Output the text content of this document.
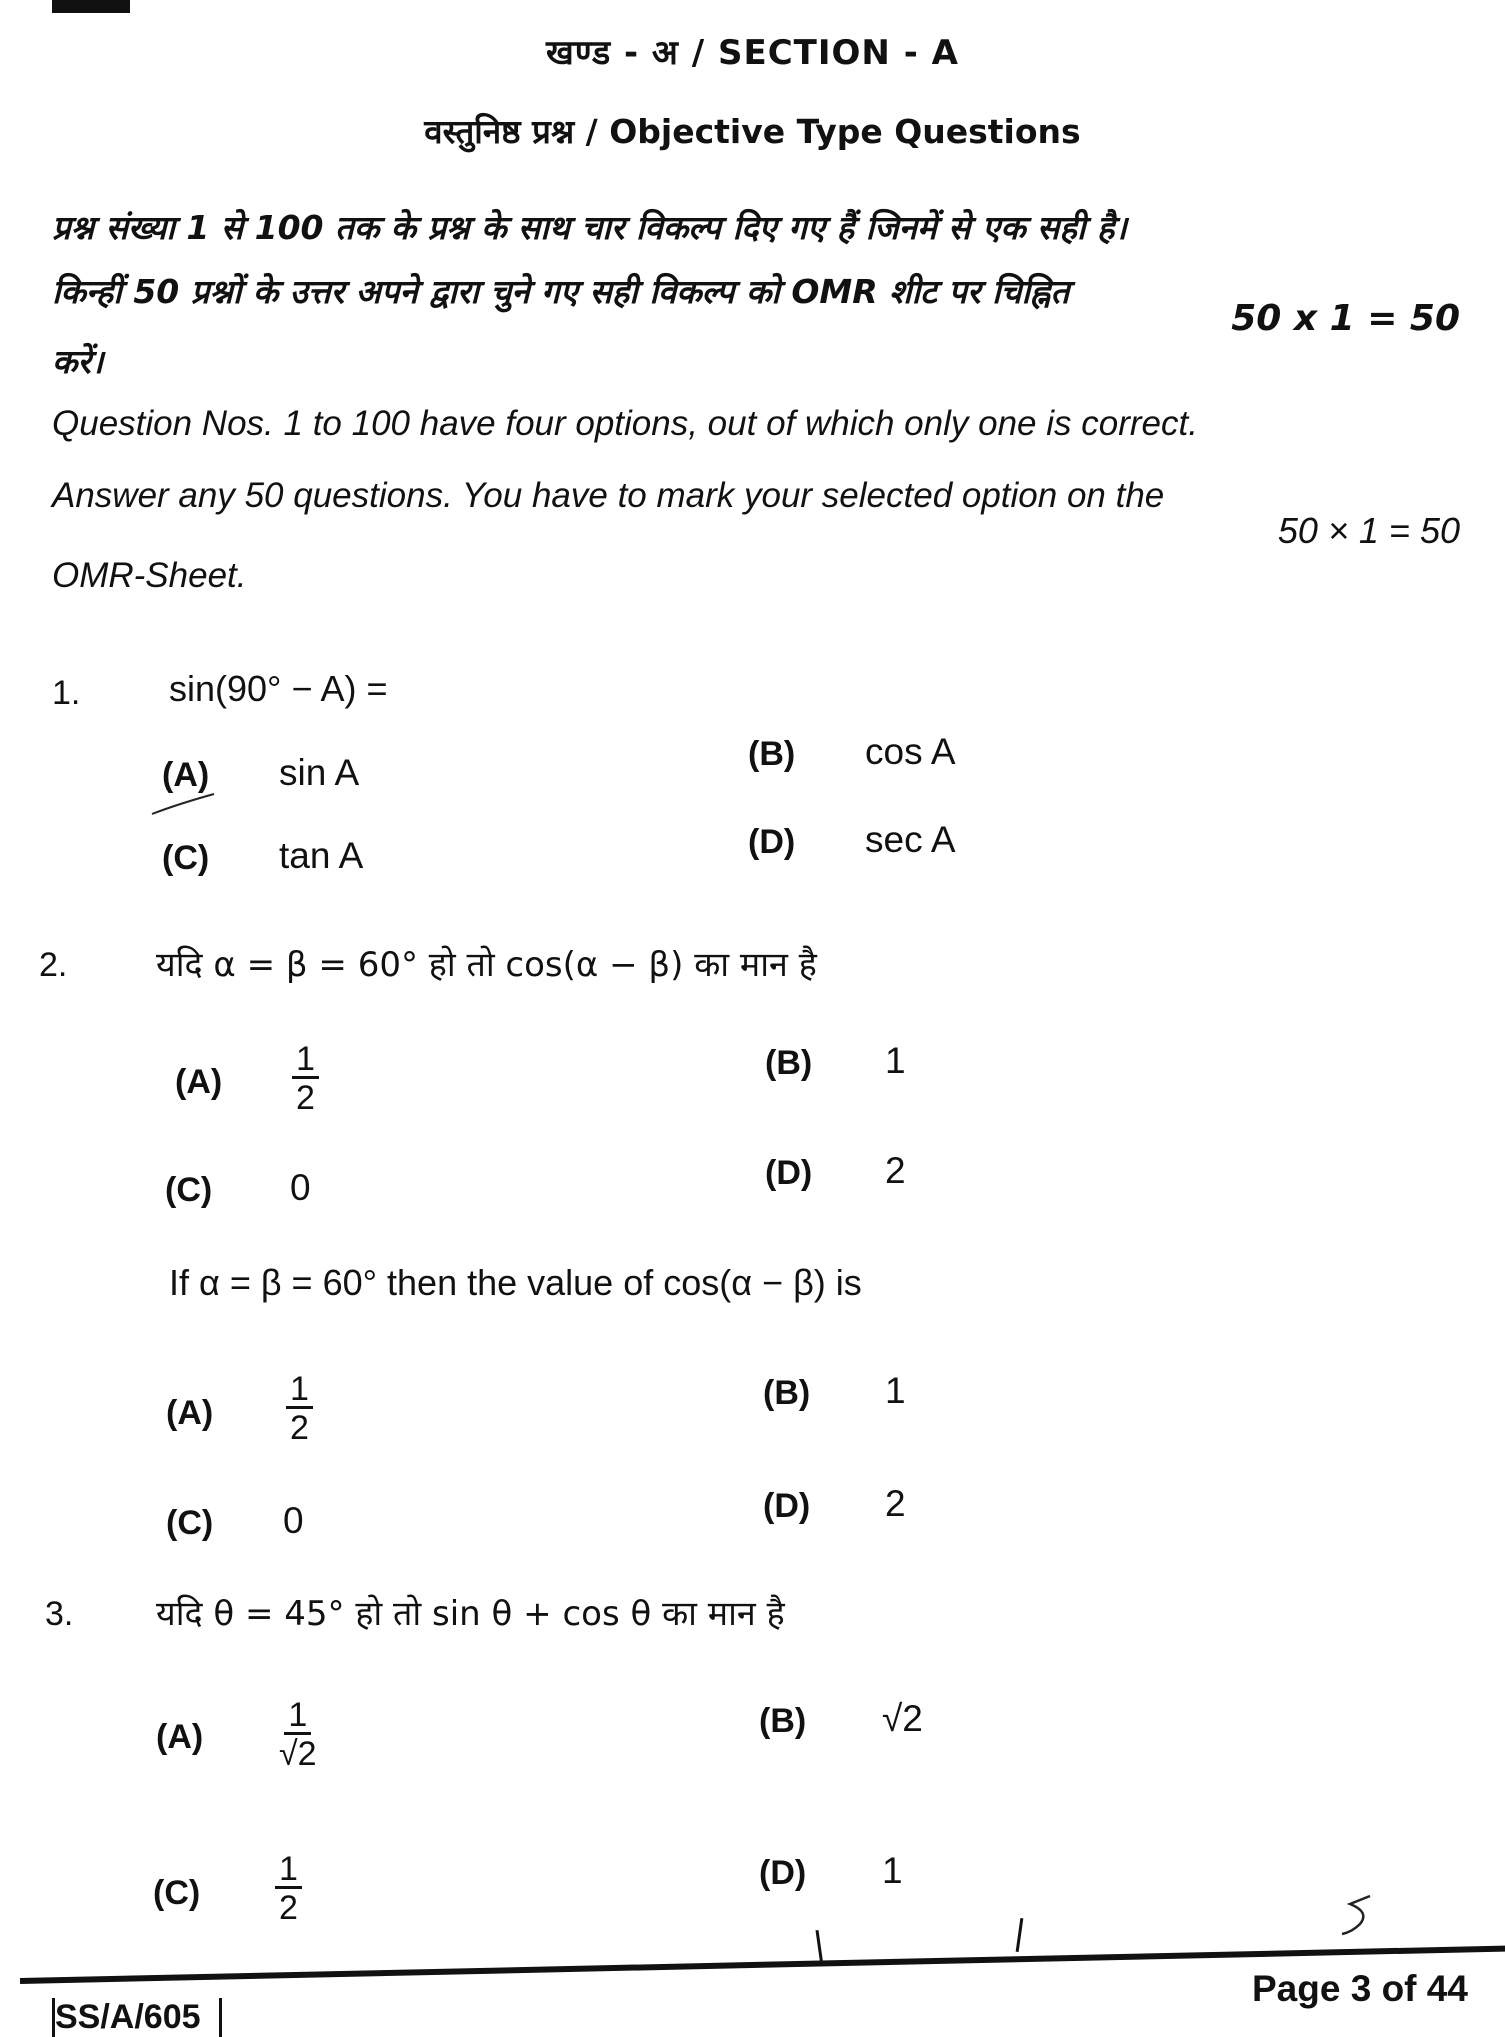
खण्ड - अ / SECTION - A
वस्तुनिष्ठ प्रश्न / Objective Type Questions
प्रश्न संख्या 1 से 100 तक के प्रश्न के साथ चार विकल्प दिए गए हैं जिनमें से एक सही है।
किन्हीं 50 प्रश्नों के उत्तर अपने द्वारा चुने गए सही विकल्प को OMR शीट पर चिह्नित
50 x 1 = 50
करें।
Question Nos. 1 to 100 have four options, out of which only one is correct.
Answer any 50 questions. You have to mark your selected option on the
50 × 1 = 50
OMR-Sheet.
1. sin(90° − A) =
(A) sin A	(B) cos A
(C) tan A	(D) sec A
2.	यदि α = β = 60° हो तो cos(α − β) का मान है
$(A) \frac{1}{2}$	(B) 1
(C) 0	(D) 2
If α = β = 60° then the value of cos(α − β) is
$(A) \frac{1}{2}$	(B) 1
(C) 0	(D) 2
3. यदि θ = 45° हो तो sin θ + cos θ का मान है
$(A) \frac{1}{√2}$	(B) √2
$(C) \frac{1}{2}$	(D) 1
SS/A/605
Page 3 of 44
